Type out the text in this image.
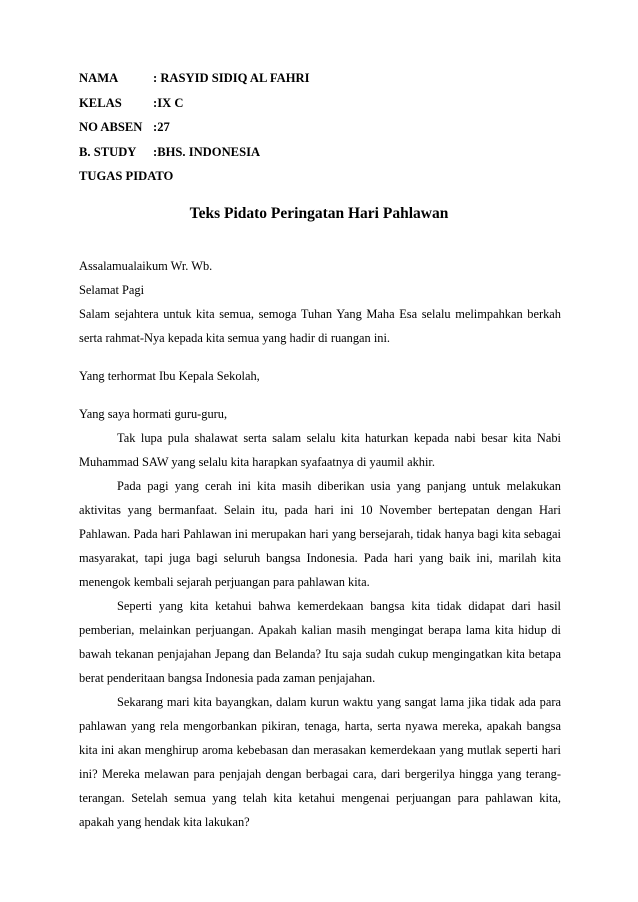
NAMA	: RASYID SIDIQ AL FAHRI
KELAS	:IX C
NO ABSEN :27
B. STUDY	:BHS. INDONESIA
TUGAS PIDATO
Teks Pidato Peringatan Hari Pahlawan
Assalamualaikum Wr. Wb.
Selamat Pagi

Salam sejahtera untuk kita semua, semoga Tuhan Yang Maha Esa selalu melimpahkan berkah serta rahmat-Nya kepada kita semua yang hadir di ruangan ini.

Yang terhormat Ibu Kepala Sekolah,
Yang saya hormati guru-guru,

Tak lupa pula shalawat serta salam selalu kita haturkan kepada nabi besar kita Nabi Muhammad SAW yang selalu kita harapkan syafaatnya di yaumil akhir.

Pada pagi yang cerah ini kita masih diberikan usia yang panjang untuk melakukan aktivitas yang bermanfaat. Selain itu, pada hari ini 10 November bertepatan dengan Hari Pahlawan. Pada hari Pahlawan ini merupakan hari yang bersejarah, tidak hanya bagi kita sebagai masyarakat, tapi juga bagi seluruh bangsa Indonesia. Pada hari yang baik ini, marilah kita menengok kembali sejarah perjuangan para pahlawan kita.

Seperti yang kita ketahui bahwa kemerdekaan bangsa kita tidak didapat dari hasil pemberian, melainkan perjuangan. Apakah kalian masih mengingat berapa lama kita hidup di bawah tekanan penjajahan Jepang dan Belanda? Itu saja sudah cukup mengingatkan kita betapa berat penderitaan bangsa Indonesia pada zaman penjajahan.

Sekarang mari kita bayangkan, dalam kurun waktu yang sangat lama jika tidak ada para pahlawan yang rela mengorbankan pikiran, tenaga, harta, serta nyawa mereka, apakah bangsa kita ini akan menghirup aroma kebebasan dan merasakan kemerdekaan yang mutlak seperti hari ini? Mereka melawan para penjajah dengan berbagai cara, dari bergerilya hingga yang terang-terangan. Setelah semua yang telah kita ketahui mengenai perjuangan para pahlawan kita, apakah yang hendak kita lakukan?
